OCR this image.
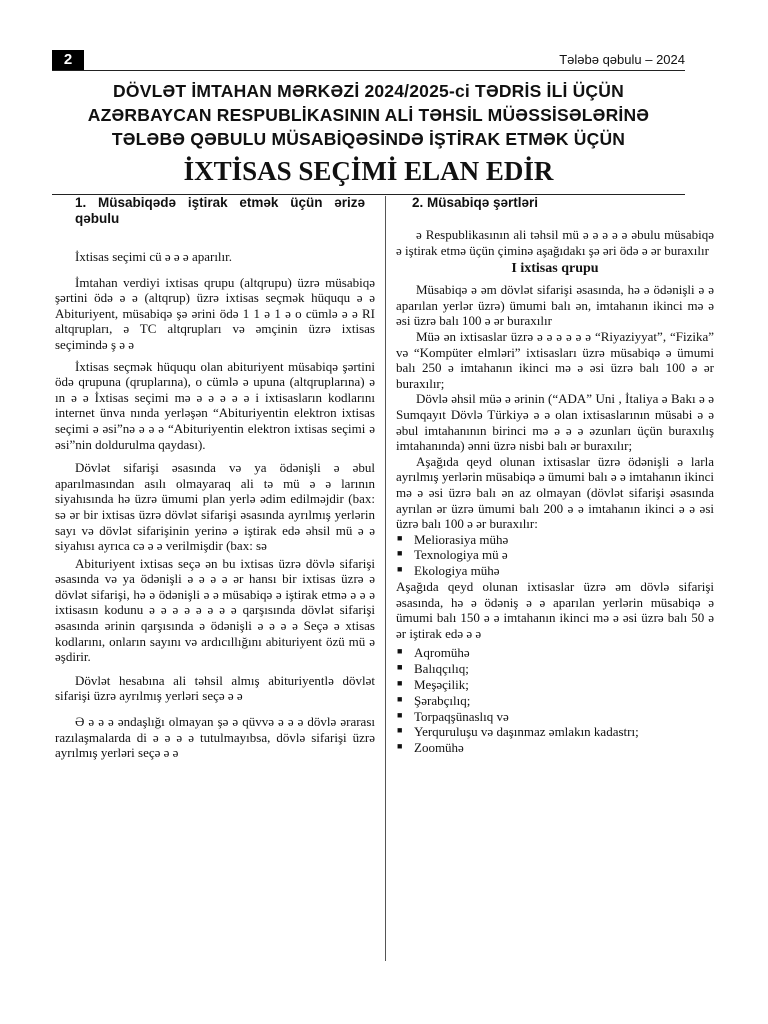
2	Tələbə qəbulu – 2024
DÖVLƏT İMTAHAN MƏRKƏZİ 2024/2025-ci TƏDRİS İLİ ÜÇÜN
AZƏRBAYCAN RESPUBLİKASININ ALİ TƏHSİL MÜƏSSİSƏLƏRİNƏ
TƏLƏBƏ QƏBULU MÜSABİQƏSİNDƏ İŞTİRAK ETMƏK ÜÇÜN
İXTİSAS SEÇİMİ ELAN EDİR
1. Müsabiqədə iştirak etmək üçün ərizə qəbulu

İxtisas seçimi cü ə ə ə aparılır.

İmtahan verdiyi ixtisas qrupu (altqrupu) üzrə müsabiqə şərtini ödə ə ə (altqrup) üzrə ixtisas seçmək hüququ ə ə Abituriyent, müsabiqə şə ərini ödə 1 1 ə 1 ə o cümlə ə ə RI altqrupları, ə TC altqrupları və əmçinin üzrə ixtisas seçimində ş ə ə

İxtisas seçmək hüququ olan abituriyent müsabiqə şərtini ödə qrupuna (qruplarına), o cümlə ə upuna (altqruplarına) ə ın ə ə İxtisas seçimi mə ə ə ə ə ə i ixtisasların kodlarını internet ünva nında yerləşən “Abituriyentin elektron ixtisas seçimi ə əsi”nə ə ə ə “Abituriyentin elektron ixtisas seçimi ə əsi”nin doldurulma qaydası).

Dövlət sifarişi əsasında və ya ödənişli ə əbul aparılmasından asılı olmayaraq ali tə mü ə ə larının siyahısında hə üzrə ümumi plan yerlə ədim edilməjdir (bax: sə ər bir ixtisas üzrə dövlət sifarişi əsasında ayrılmış yerlərin sayı və dövlət sifarişinin yerinə ə iştirak edə əhsil mü ə ə siyahısı ayrıca cə ə ə verilmişdir (bax: sə

Abituriyent ixtisas seçə ən bu ixtisas üzrə dövlə sifarişi əsasında və ya ödənişli ə ə ə ə ər hansı bir ixtisas üzrə ə dövlət sifarişi, hə ə ödənişli ə ə müsabiqə ə iştirak etmə ə ə ə ixtisasın kodunu ə ə ə ə ə ə ə ə qarşısında dövlət sifarişi əsasında ərinin qarşısında ə ödənişli ə ə ə ə Seçə ə xtisas kodlarını, onların sayını və ardıcıllığını abituriyent özü mü ə əşdirir.

Dövlət hesabına ali təhsil almış abituriyentlə dövlət sifarişi üzrə ayrılmış yerləri seçə ə ə

Ə ə ə ə əndaşlığı olmayan şə ə qüvvə ə ə ə dövlə ərarası razılaşmalarda di ə ə ə ə tutulmayıbsa, dövlə sifarişi üzrə ayrılmış yerləri seçə ə ə

2. Müsabiqə şərtləri

ə Respublikasının ali təhsil mü ə ə ə ə ə əbulu müsabiqə ə iştirak etmə üçün çiminə aşağıdakı şə əri ödə ə ər buraxılır

I ixtisas qrupu

Müsabiqə ə əm dövlət sifarişi əsasında, hə ə ödənişli ə ə aparılan yerlər üzrə) ümumi balı ən, imtahanın ikinci mə ə əsi üzrə balı 100 ə ər buraxılır

Müə ən ixtisaslar üzrə ə ə ə ə ə ə “Riyaziyyat”, “Fizika” və “Kompüter elmləri” ixtisasları üzrə müsabiqə ə ümumi balı 250 ə imtahanın ikinci mə ə əsi üzrə balı 100 ə ər buraxılır;

Dövlə əhsil müə ə ərinin (“ADA” Uni , İtaliya ə Bakı ə ə Sumqayıt Dövlə Türkiyə ə ə olan ixtisaslarının müsabi ə ə əbul imtahanının birinci mə ə ə ə əzunları üçün buraxılış imtahanında) ənni üzrə nisbi balı ər buraxılır;

Aşağıda qeyd olunan ixtisaslar üzrə ödənişli ə larla ayrılmış yerlərin müsabiqə ə ümumi balı ə ə imtahanın ikinci mə ə əsi üzrə balı ən az olmayan (dövlət sifarişi əsasında ayrılan ər üzrə ümumi balı 200 ə ə imtahanın ikinci ə ə əsi üzrə balı 100 ə ər buraxılır:

■ Meliorasiya mühə
■ Texnologiya mü ə
■ Ekologiya mühə

Aşağıda qeyd olunan ixtisaslar üzrə əm dövlə sifarişi əsasında, hə ə ödəniş ə ə aparılan yerlərin müsabiqə ə ümumi balı 150 ə ə imtahanın ikinci mə ə əsi üzrə balı 50 ə ər iştirak edə ə ə

■ Aqromühə
■ Balıqçılıq;
■ Meşəçilik;
■ Şərabçılıq;
■ Torpaqşünaslıq və
■ Yerquruluşu və daşınmaz əmlakın kadastrı;
■ Zoomühə
